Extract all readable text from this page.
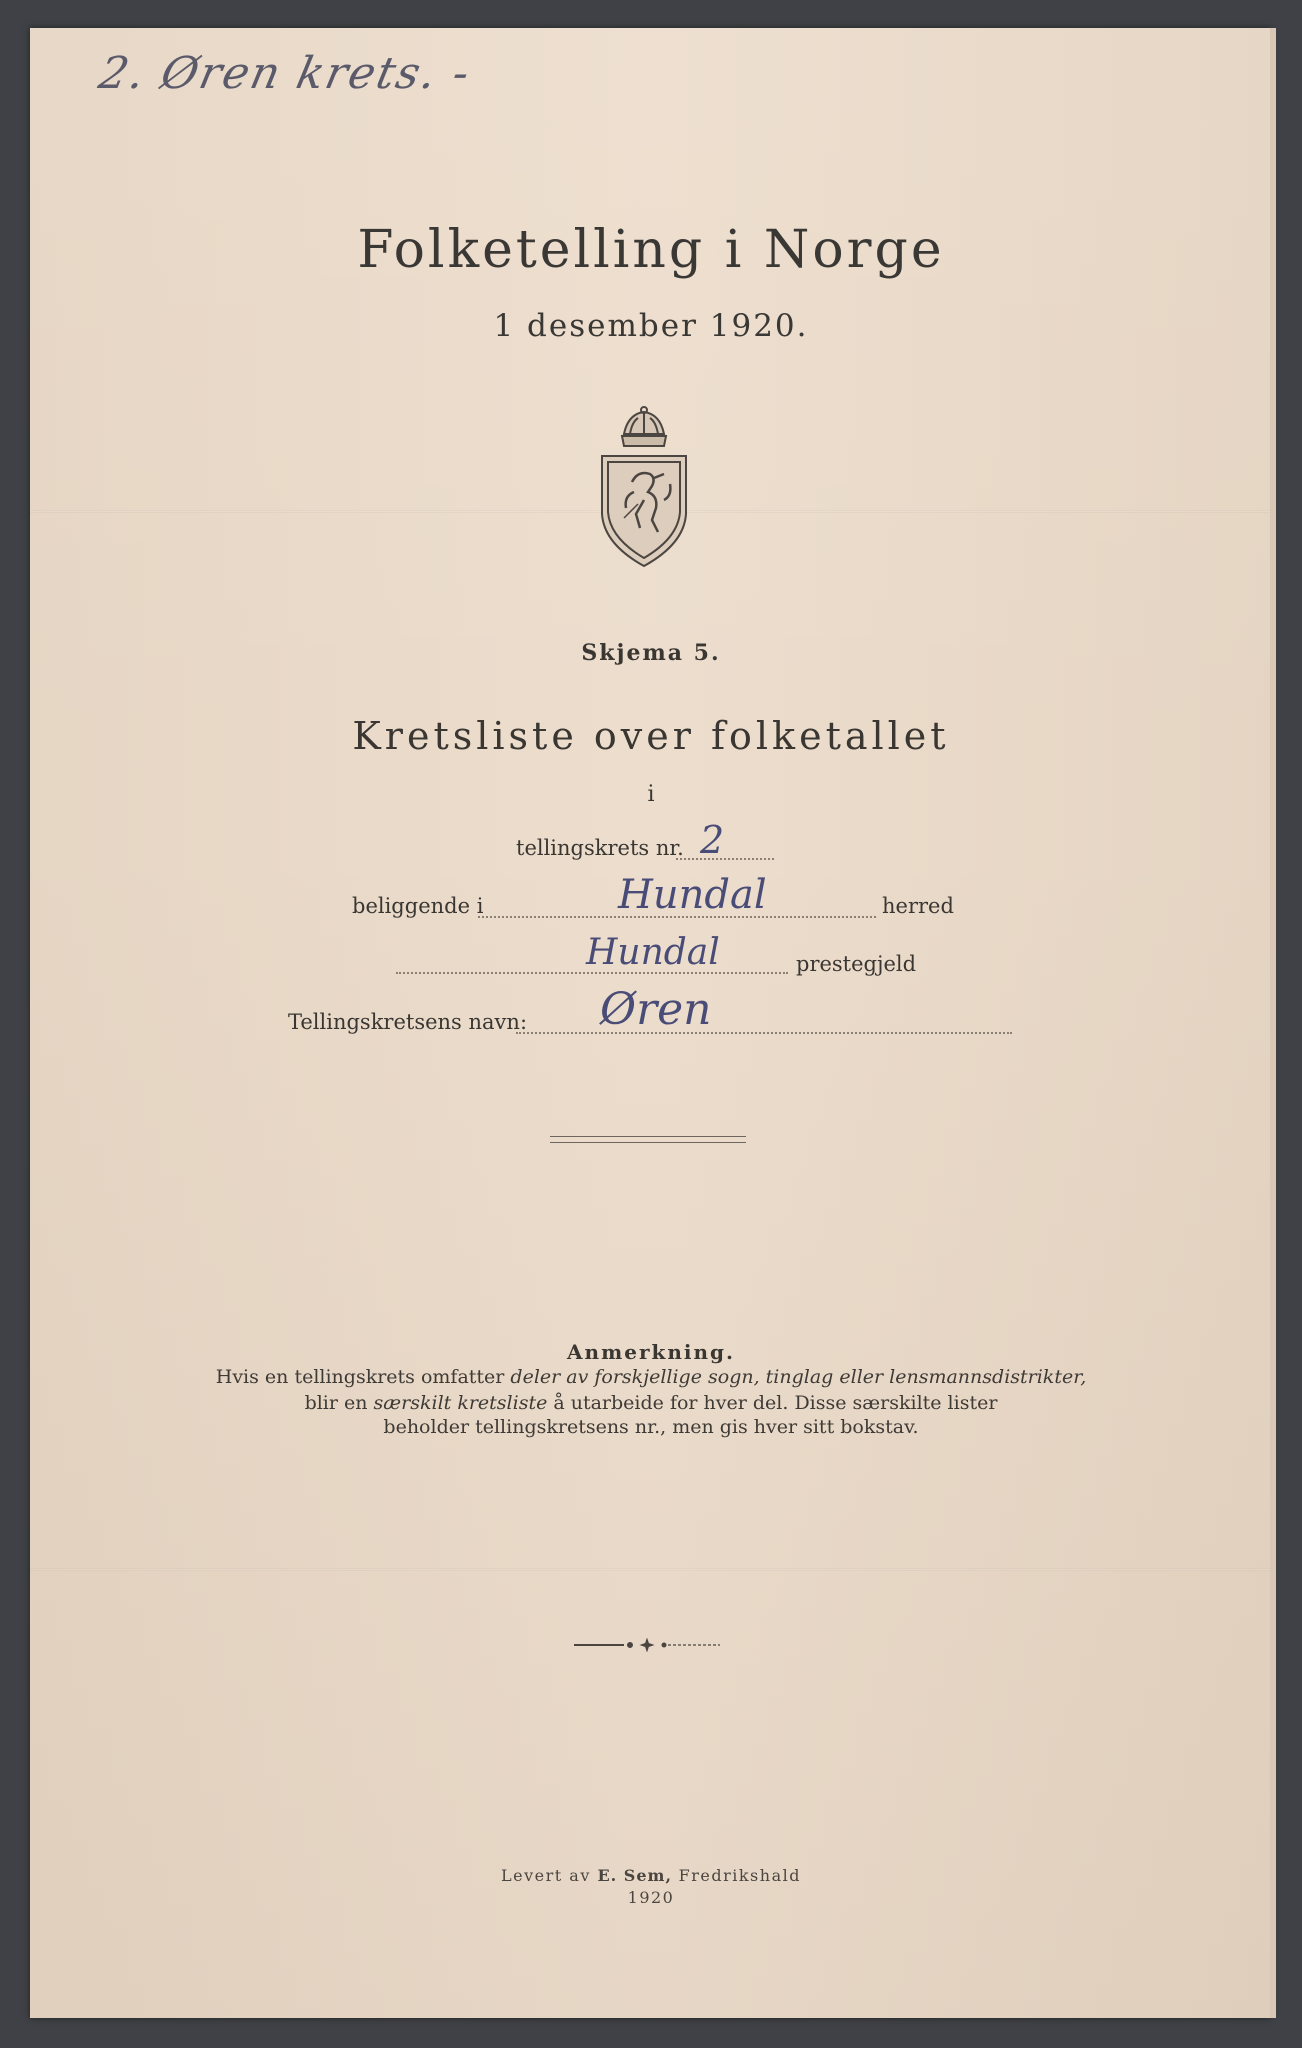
2. Øren krets. -
Folketelling i Norge
1 desember 1920.
Skjema 5.
Kretsliste over folketallet
i
tellingskrets nr. 2
beliggende i	Hundal	herred
Hundal	prestegjeld
Tellingskretsens navn: Øren
Anmerkning.
Hvis en tellingskrets omfatter deler av forskjellige sogn, tinglag eller lensmannsdistrikter,
blir en særskilt kretsliste å utarbeide for hver del. Disse særskilte lister
beholder tellingskretsens nr., men gis hver sitt bokstav.
Levert av E. Sem, Fredrikshald
1920
